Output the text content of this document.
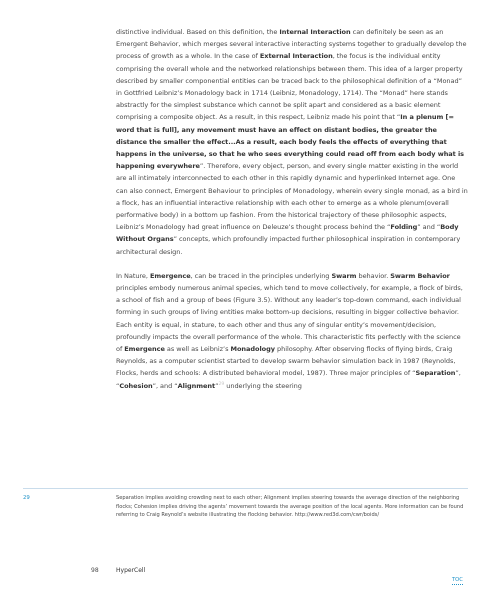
distinctive individual. Based on this definition, the Internal Interaction can definitely be seen as an Emergent Behavior, which merges several interactive interacting systems together to gradually develop the process of growth as a whole. In the case of External Interaction, the focus is the individual entity comprising the overall whole and the networked relationships between them. This idea of a larger property described by smaller componential entities can be traced back to the philosophical definition of a “Monad” in Gottfried Leibniz’s Monadology back in 1714 (Leibniz, Monadology, 1714). The “Monad” here stands abstractly for the simplest substance which cannot be split apart and considered as a basic element comprising a composite object. As a result, in this respect, Leibniz made his point that “In a plenum [= word that is full], any movement must have an effect on distant bodies, the greater the distance the smaller the effect...As a result, each body feels the effects of everything that happens in the universe, so that he who sees everything could read off from each body what is happening everywhere”. Therefore, every object, person, and every single matter existing in the world are all intimately interconnected to each other in this rapidly dynamic and hyperlinked Internet age. One can also connect, Emergent Behaviour to principles of Monadology, wherein every single monad, as a bird in a flock, has an influential interactive relationship with each other to emerge as a whole plenum(overall performative body) in a bottom up fashion. From the historical trajectory of these philosophic aspects, Leibniz’s Monadology had great influence on Deleuze’s thought process behind the “Folding” and “Body Without Organs” concepts, which profoundly impacted further philosophical inspiration in contemporary architectural design.

In Nature, Emergence, can be traced in the principles underlying Swarm behavior. Swarm Behavior principles embody numerous animal species, which tend to move collectively, for example, a flock of birds, a school of fish and a group of bees (Figure 3.5). Without any leader’s top-down command, each individual forming in such groups of living entities make bottom-up decisions, resulting in bigger collective behavior. Each entity is equal, in stature, to each other and thus any of singular entity’s movement/decision, profoundly impacts the overall performance of the whole. This characteristic fits perfectly with the science of Emergence as well as Leibniz’s Monadology philosophy. After observing flocks of flying birds, Craig Reynolds, as a computer scientist started to develop swarm behavior simulation back in 1987 (Reynolds, Flocks, herds and schools: A distributed behavioral model, 1987). Three major principles of “Separation”, “Cohesion”, and “Alignment”$^{29}$ underlying the steering

29	Separation implies avoiding crowding next to each other; Alignment implies steering towards the average direction of the neighboring flocks; Cohesion implies driving the agents’ movement towards the average position of the local agents. More information can be found referring to Craig Reynold’s website illustrating the flocking behavior. http://www.red3d.com/cwr/boids/
98	HyperCell
TOC
